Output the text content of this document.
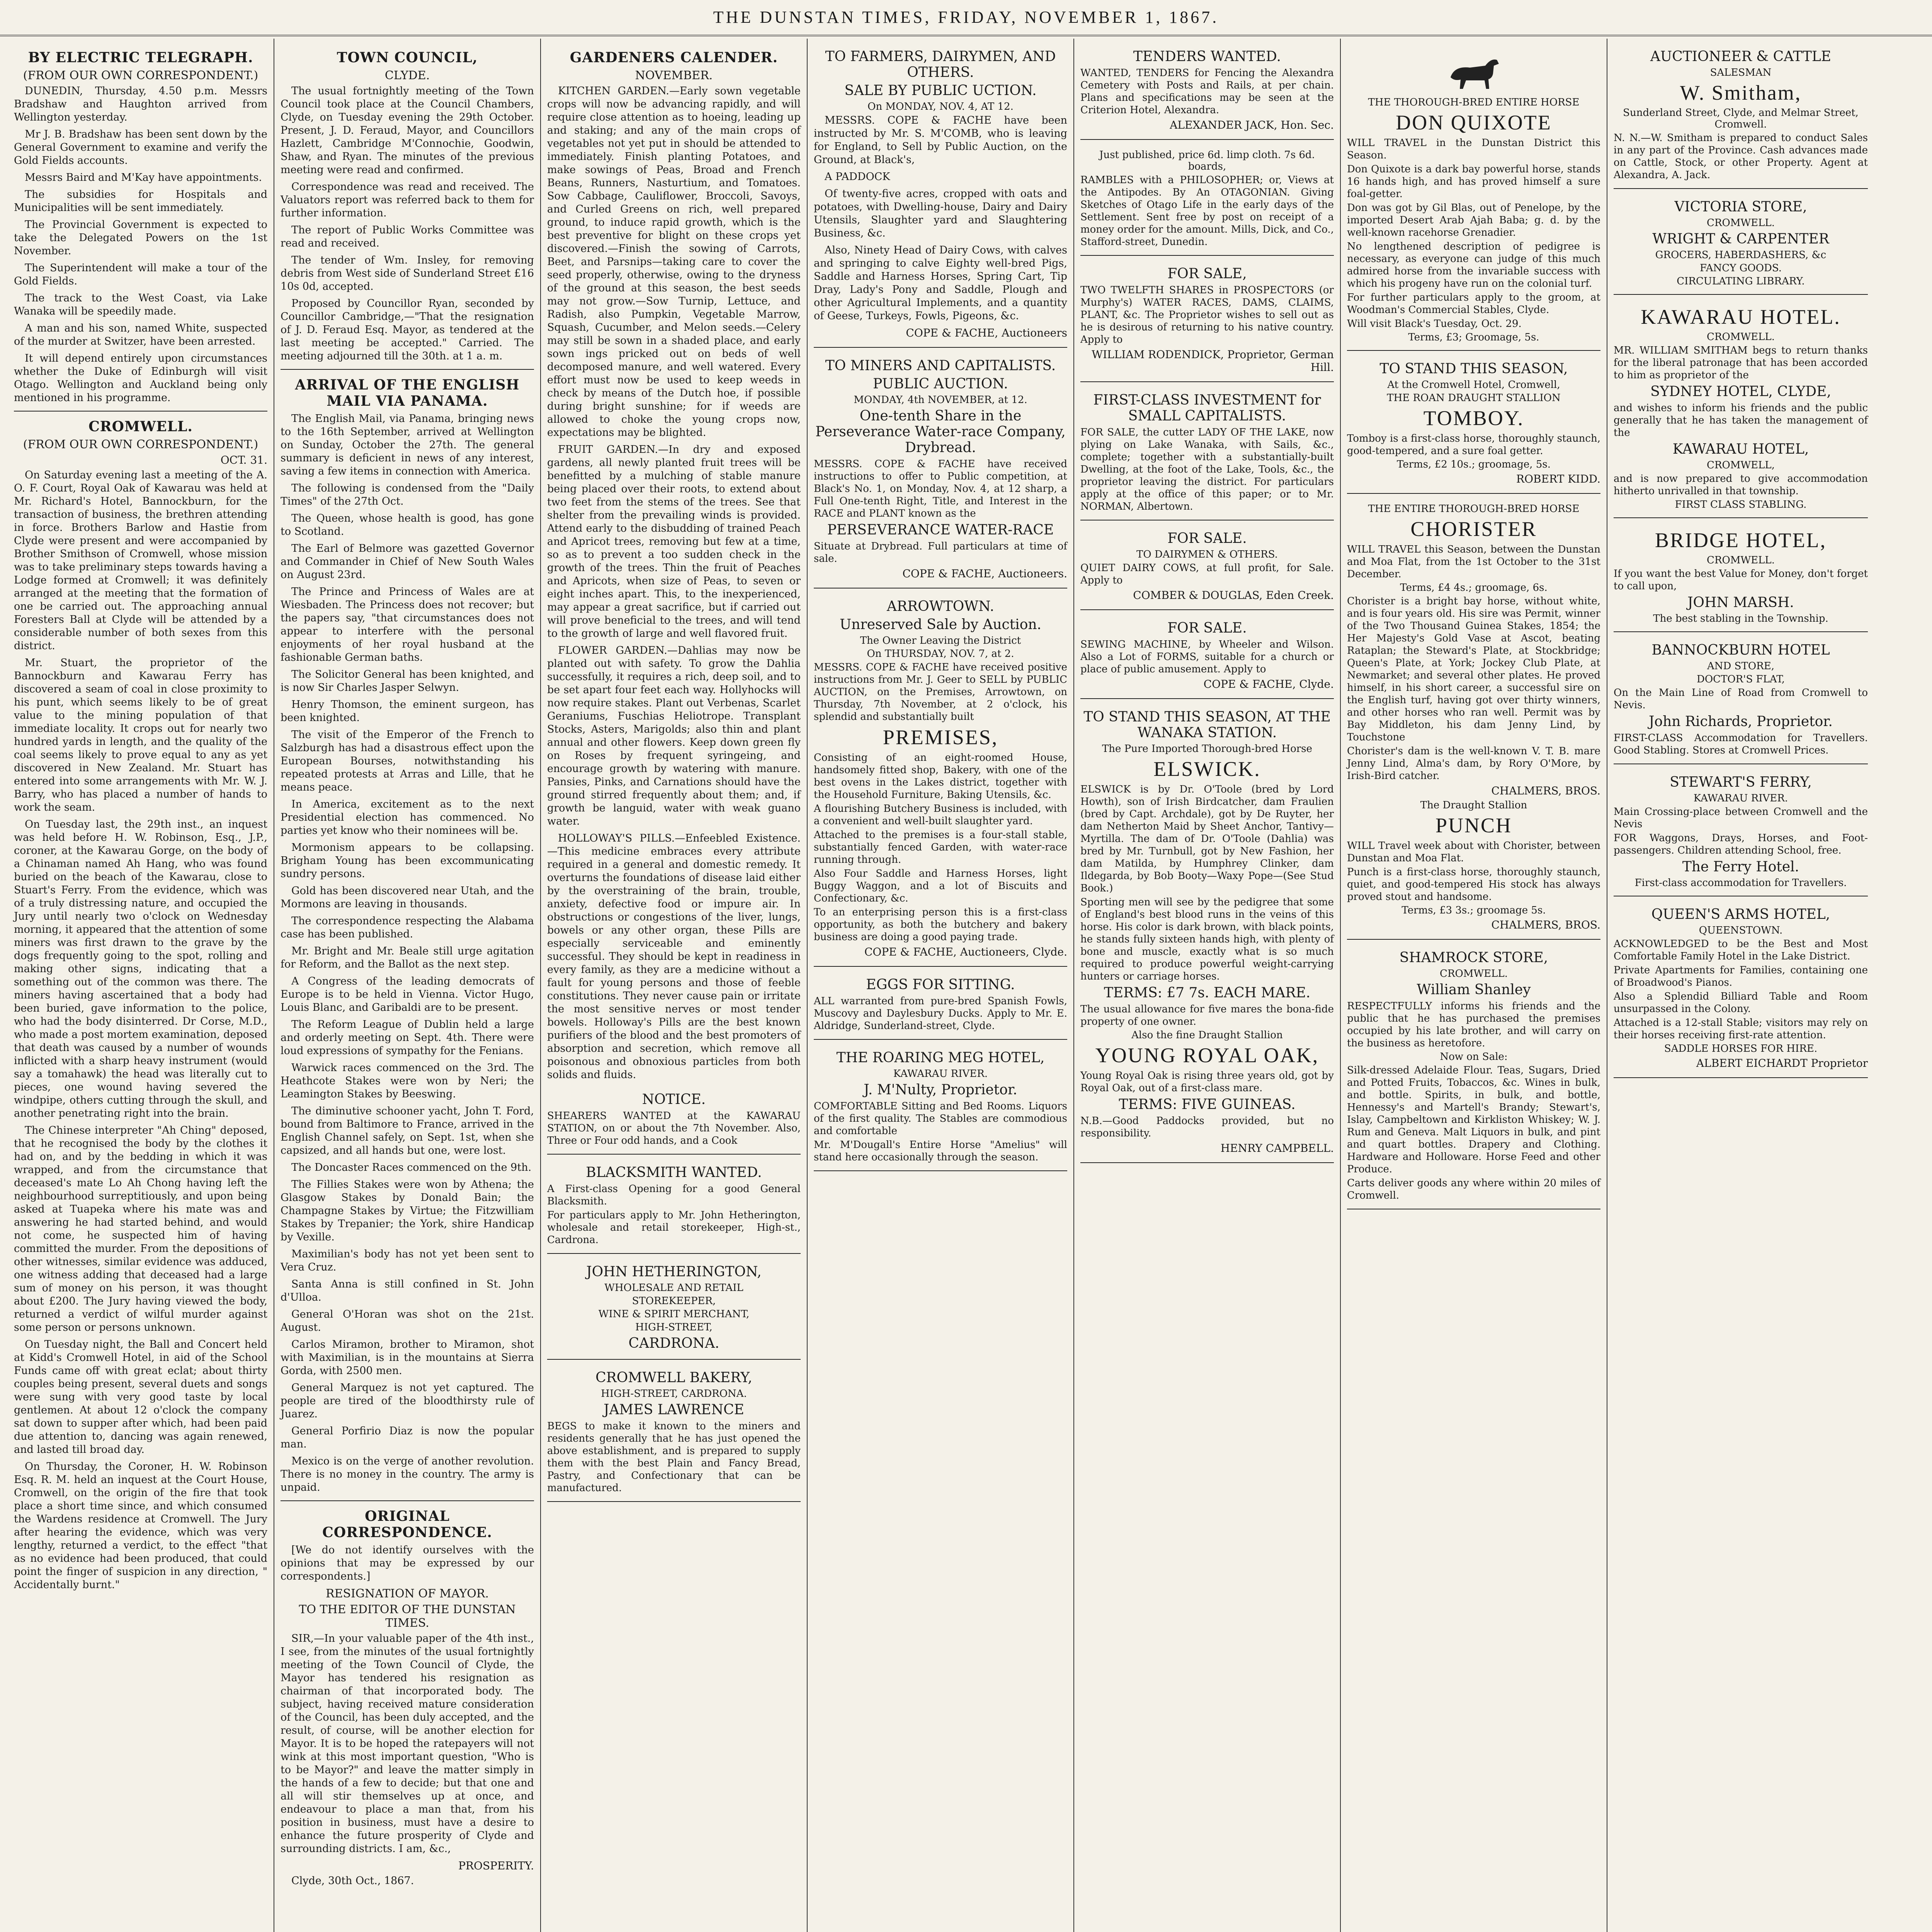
THE DUNSTAN TIMES, FRIDAY, NOVEMBER 1, 1867.
BY ELECTRIC TELEGRAPH.
(FROM OUR OWN CORRESPONDENT.)

DUNEDIN, Thursday, 4.50 p.m. Messrs Bradshaw and Haughton arrived from Wellington yesterday.

Mr J. B. Bradshaw has been sent down by the General Government to examine and verify the Gold Fields accounts.

Messrs Baird and M'Kay have appointments.

The subsidies for Hospitals and Municipalities will be sent immediately.

The Provincial Government is expected to take the Delegated Powers on the 1st November.

The Superintendent will make a tour of the Gold Fields.

The track to the West Coast, via Lake Wanaka will be speedily made.

A man and his son, named White, suspected of the murder at Switzer, have been arrested.

It will depend entirely upon circumstances whether the Duke of Edinburgh will visit Otago. Wellington and Auckland being only mentioned in his programme.

CROMWELL.
(FROM OUR OWN CORRESPONDENT.)
OCT. 31.

On Saturday evening last a meeting of the A. O. F. Court, Royal Oak of Kawarau was held at Mr. Richard's Hotel, Bannockburn, for the transaction of business, the brethren attending in force. Brothers Barlow and Hastie from Clyde were present and were accompanied by Brother Smithson of Cromwell, whose mission was to take preliminary steps towards having a Lodge formed at Cromwell; it was definitely arranged at the meeting that the formation of one be carried out. The approaching annual Foresters Ball at Clyde will be attended by a considerable number of both sexes from this district.

Mr. Stuart, the proprietor of the Bannockburn and Kawarau Ferry has discovered a seam of coal in close proximity to his punt, which seems likely to be of great value to the mining population of that immediate locality. It crops out for nearly two hundred yards in length, and the quality of the coal seems likely to prove equal to any as yet discovered in New Zealand. Mr. Stuart has entered into some arrangements with Mr. W. J. Barry, who has placed a number of hands to work the seam.

On Tuesday last, the 29th inst., an inquest was held before H. W. Robinson, Esq., J.P., coroner, at the Kawarau Gorge, on the body of a Chinaman named Ah Hang, who was found buried on the beach of the Kawarau, close to Stuart's Ferry. From the evidence, which was of a truly distressing nature, and occupied the Jury until nearly two o'clock on Wednesday morning, it appeared that the attention of some miners was first drawn to the grave by the dogs frequently going to the spot, rolling and making other signs, indicating that a something out of the common was there. The miners having ascertained that a body had been buried, gave information to the police, who had the body disinterred. Dr Corse, M.D., who made a post mortem examination, deposed that death was caused by a number of wounds inflicted with a sharp heavy instrument (would say a tomahawk) the head was literally cut to pieces, one wound having severed the windpipe, others cutting through the skull, and another penetrating right into the brain.

The Chinese interpreter "Ah Ching" deposed, that he recognised the body by the clothes it had on, and by the bedding in which it was wrapped, and from the circumstance that deceased's mate Lo Ah Chong having left the neighbourhood surreptitiously, and upon being asked at Tuapeka where his mate was and answering he had started behind, and would not come, he suspected him of having committed the murder. From the depositions of other witnesses, similar evidence was adduced, one witness adding that deceased had a large sum of money on his person, it was thought about £200. The Jury having viewed the body, returned a verdict of wilful murder against some person or persons unknown.

On Tuesday night, the Ball and Concert held at Kidd's Cromwell Hotel, in aid of the School Funds came off with great eclat; about thirty couples being present, several duets and songs were sung with very good taste by local gentlemen. At about 12 o'clock the company sat down to supper after which, had been paid due attention to, dancing was again renewed, and lasted till broad day.

On Thursday, the Coroner, H. W. Robinson Esq. R. M. held an inquest at the Court House, Cromwell, on the origin of the fire that took place a short time since, and which consumed the Wardens residence at Cromwell. The Jury after hearing the evidence, which was very lengthy, returned a verdict, to the effect "that as no evidence had been produced, that could point the finger of suspicion in any direction, " Accidentally burnt."

TOWN COUNCIL,
CLYDE.

The usual fortnightly meeting of the Town Council took place at the Council Chambers, Clyde, on Tuesday evening the 29th October. Present, J. D. Feraud, Mayor, and Councillors Hazlett, Cambridge M'Connochie, Goodwin, Shaw, and Ryan. The minutes of the previous meeting were read and confirmed.

Correspondence was read and received. The Valuators report was referred back to them for further information.

The report of Public Works Committee was read and received.

The tender of Wm. Insley, for removing debris from West side of Sunderland Street £16 10s 0d, accepted.

Proposed by Councillor Ryan, seconded by Councillor Cambridge,—"That the resignation of J. D. Feraud Esq. Mayor, as tendered at the last meeting be accepted." Carried. The meeting adjourned till the 30th. at 1 a. m.

ARRIVAL OF THE ENGLISH MAIL VIA PANAMA.

The English Mail, via Panama, bringing news to the 16th September, arrived at Wellington on Sunday, October the 27th. The general summary is deficient in news of any interest, saving a few items in connection with America.

The following is condensed from the "Daily Times" of the 27th Oct.

The Queen, whose health is good, has gone to Scotland.

The Earl of Belmore was gazetted Governor and Commander in Chief of New South Wales on August 23rd.

The Prince and Princess of Wales are at Wiesbaden. The Princess does not recover; but the papers say, "that circumstances does not appear to interfere with the personal enjoyments of her royal husband at the fashionable German baths.

The Solicitor General has been knighted, and is now Sir Charles Jasper Selwyn.

Henry Thomson, the eminent surgeon, has been knighted.

The visit of the Emperor of the French to Salzburgh has had a disastrous effect upon the European Bourses, notwithstanding his repeated protests at Arras and Lille, that he means peace.

In America, excitement as to the next Presidential election has commenced. No parties yet know who their nominees will be.

Mormonism appears to be collapsing. Brigham Young has been excommunicating sundry persons.

Gold has been discovered near Utah, and the Mormons are leaving in thousands.

The correspondence respecting the Alabama case has been published.

Mr. Bright and Mr. Beale still urge agitation for Reform, and the Ballot as the next step.

A Congress of the leading democrats of Europe is to be held in Vienna. Victor Hugo, Louis Blanc, and Garibaldi are to be present.

The Reform League of Dublin held a large and orderly meeting on Sept. 4th. There were loud expressions of sympathy for the Fenians.

Warwick races commenced on the 3rd. The Heathcote Stakes were won by Neri; the Leamington Stakes by Beeswing.

The diminutive schooner yacht, John T. Ford, bound from Baltimore to France, arrived in the English Channel safely, on Sept. 1st, when she capsized, and all hands but one, were lost.

The Doncaster Races commenced on the 9th.

The Fillies Stakes were won by Athena; the Glasgow Stakes by Donald Bain; the Champagne Stakes by Virtue; the Fitzwilliam Stakes by Trepanier; the York, shire Handicap by Vexille.

Maximilian's body has not yet been sent to Vera Cruz.

Santa Anna is still confined in St. John d'Ulloa.

General O'Horan was shot on the 21st. August.

Carlos Miramon, brother to Miramon, shot with Maximilian, is in the mountains at Sierra Gorda, with 2500 men.

General Marquez is not yet captured. The people are tired of the bloodthirsty rule of Juarez.

General Porfirio Diaz is now the popular man.

Mexico is on the verge of another revolution. There is no money in the country. The army is unpaid.

ORIGINAL CORRESPONDENCE.

[We do not identify ourselves with the opinions that may be expressed by our correspondents.]

RESIGNATION OF MAYOR.
TO THE EDITOR OF THE DUNSTAN TIMES.

SIR,—In your valuable paper of the 4th inst., I see, from the minutes of the usual fortnightly meeting of the Town Council of Clyde, the Mayor has tendered his resignation as chairman of that incorporated body. The subject, having received mature consideration of the Council, has been duly accepted, and the result, of course, will be another election for Mayor. It is to be hoped the ratepayers will not wink at this most important question, "Who is to be Mayor?" and leave the matter simply in the hands of a few to decide; but that one and all will stir themselves up at once, and endeavour to place a man that, from his position in business, must have a desire to enhance the future prosperity of Clyde and surrounding districts. I am, &c.,

PROSPERITY.

Clyde, 30th Oct., 1867.

GARDENERS CALENDER.
NOVEMBER.

KITCHEN GARDEN.—Early sown vegetable crops will now be advancing rapidly, and will require close attention as to hoeing, leading up and staking; and any of the main crops of vegetables not yet put in should be attended to immediately. Finish planting Potatoes, and make sowings of Peas, Broad and French Beans, Runners, Nasturtium, and Tomatoes. Sow Cabbage, Cauliflower, Broccoli, Savoys, and Curled Greens on rich, well prepared ground, to induce rapid growth, which is the best preventive for blight on these crops yet discovered.—Finish the sowing of Carrots, Beet, and Parsnips—taking care to cover the seed properly, otherwise, owing to the dryness of the ground at this season, the best seeds may not grow.—Sow Turnip, Lettuce, and Radish, also Pumpkin, Vegetable Marrow, Squash, Cucumber, and Melon seeds.—Celery may still be sown in a shaded place, and early sown ings pricked out on beds of well decomposed manure, and well watered. Every effort must now be used to keep weeds in check by means of the Dutch hoe, if possible during bright sunshine; for if weeds are allowed to choke the young crops now, expectations may be blighted.

FRUIT GARDEN.—In dry and exposed gardens, all newly planted fruit trees will be benefitted by a mulching of stable manure being placed over their roots, to extend about two feet from the stems of the trees. See that shelter from the prevailing winds is provided. Attend early to the disbudding of trained Peach and Apricot trees, removing but few at a time, so as to prevent a too sudden check in the growth of the trees. Thin the fruit of Peaches and Apricots, when size of Peas, to seven or eight inches apart. This, to the inexperienced, may appear a great sacrifice, but if carried out will prove beneficial to the trees, and will tend to the growth of large and well flavored fruit.

FLOWER GARDEN.—Dahlias may now be planted out with safety. To grow the Dahlia successfully, it requires a rich, deep soil, and to be set apart four feet each way. Hollyhocks will now require stakes. Plant out Verbenas, Scarlet Geraniums, Fuschias Heliotrope. Transplant Stocks, Asters, Marigolds; also thin and plant annual and other flowers. Keep down green fly on Roses by frequent syringeing, and encourage growth by watering with manure. Pansies, Pinks, and Carnations should have the ground stirred frequently about them; and, if growth be languid, water with weak guano water.

HOLLOWAY'S PILLS.—Enfeebled Existence.—This medicine embraces every attribute required in a general and domestic remedy. It overturns the foundations of disease laid either by the overstraining of the brain, trouble, anxiety, defective food or impure air. In obstructions or congestions of the liver, lungs, bowels or any other organ, these Pills are especially serviceable and eminently successful. They should be kept in readiness in every family, as they are a medicine without a fault for young persons and those of feeble constitutions. They never cause pain or irritate the most sensitive nerves or most tender bowels. Holloway's Pills are the best known purifiers of the blood and the best promoters of absorption and secretion, which remove all poisonous and obnoxious particles from both solids and fluids.

NOTICE.
SHEARERS WANTED at the KAWARAU STATION, on or about the 7th November. Also, Three or Four odd hands, and a Cook
BLACKSMITH WANTED.
A First-class Opening for a good General Blacksmith.
For particulars apply to Mr. John Hetherington, wholesale and retail storekeeper, High-st., Cardrona.
JOHN HETHERINGTON,
WHOLESALE AND RETAIL
STOREKEEPER,
WINE & SPIRIT MERCHANT,
HIGH-STREET,
CARDRONA.
CROMWELL BAKERY,
HIGH-STREET, CARDRONA.
JAMES LAWRENCE
BEGS to make it known to the miners and residents generally that he has just opened the above establishment, and is prepared to supply them with the best Plain and Fancy Bread, Pastry, and Confectionary that can be manufactured.
TO FARMERS, DAIRYMEN, AND OTHERS.
SALE BY PUBLIC UCTION.
On MONDAY, NOV. 4, AT 12.

MESSRS. COPE & FACHE have been instructed by Mr. S. M'COMB, who is leaving for England, to Sell by Public Auction, on the Ground, at Black's,

A PADDOCK

Of twenty-five acres, cropped with oats and potatoes, with Dwelling-house, Dairy and Dairy Utensils, Slaughter yard and Slaughtering Business, &c.

Also, Ninety Head of Dairy Cows, with calves and springing to calve Eighty well-bred Pigs, Saddle and Harness Horses, Spring Cart, Tip Dray, Lady's Pony and Saddle, Plough and other Agricultural Implements, and a quantity of Geese, Turkeys, Fowls, Pigeons, &c.

COPE & FACHE, Auctioneers
TO MINERS AND CAPITALISTS.
PUBLIC AUCTION.
MONDAY, 4th NOVEMBER, at 12.
One-tenth Share in the Perseverance Water-race Company, Drybread.
MESSRS. COPE & FACHE have received instructions to offer to Public competition, at Black's No. 1, on Monday, Nov. 4, at 12 sharp, a Full One-tenth Right, Title, and Interest in the RACE and PLANT known as the
PERSEVERANCE WATER-RACE
Situate at Drybread. Full particulars at time of sale.
COPE & FACHE, Auctioneers.
ARROWTOWN.
Unreserved Sale by Auction.
The Owner Leaving the District
On THURSDAY, NOV. 7, at 2.
MESSRS. COPE & FACHE have received positive instructions from Mr. J. Geer to SELL by PUBLIC AUCTION, on the Premises, Arrowtown, on Thursday, 7th November, at 2 o'clock, his splendid and substantially built
PREMISES,
Consisting of an eight-roomed House, handsomely fitted shop, Bakery, with one of the best ovens in the Lakes district, together with the Household Furniture, Baking Utensils, &c.
A flourishing Butchery Business is included, with a convenient and well-built slaughter yard.
Attached to the premises is a four-stall stable, substantially fenced Garden, with water-race running through.
Also Four Saddle and Harness Horses, light Buggy Waggon, and a lot of Biscuits and Confectionary, &c.
To an enterprising person this is a first-class opportunity, as both the butchery and bakery business are doing a good paying trade.
COPE & FACHE, Auctioneers, Clyde.
EGGS FOR SITTING.
ALL warranted from pure-bred Spanish Fowls, Muscovy and Daylesbury Ducks. Apply to Mr. E. Aldridge, Sunderland-street, Clyde.
THE ROARING MEG HOTEL,
KAWARAU RIVER.
J. M'Nulty, Proprietor.
COMFORTABLE Sitting and Bed Rooms. Liquors of the first quality. The Stables are commodious and comfortable
Mr. M'Dougall's Entire Horse "Amelius" will stand here occasionally through the season.
TENDERS WANTED.
WANTED, TENDERS for Fencing the Alexandra Cemetery with Posts and Rails, at per chain. Plans and specifications may be seen at the Criterion Hotel, Alexandra.
ALEXANDER JACK, Hon. Sec.
Just published, price 6d. limp cloth. 7s 6d. boards,
RAMBLES with a PHILOSOPHER; or, Views at the Antipodes. By An OTAGONIAN. Giving Sketches of Otago Life in the early days of the Settlement. Sent free by post on receipt of a money order for the amount. Mills, Dick, and Co., Stafford-street, Dunedin.
FOR SALE,
TWO TWELFTH SHARES in PROSPECTORS (or Murphy's) WATER RACES, DAMS, CLAIMS, PLANT, &c. The Proprietor wishes to sell out as he is desirous of returning to his native country. Apply to
WILLIAM RODENDICK, Proprietor, German Hill.
FIRST-CLASS INVESTMENT for SMALL CAPITALISTS.
FOR SALE, the cutter LADY OF THE LAKE, now plying on Lake Wanaka, with Sails, &c., complete; together with a substantially-built Dwelling, at the foot of the Lake, Tools, &c., the proprietor leaving the district. For particulars apply at the office of this paper; or to Mr. NORMAN, Albertown.
FOR SALE.
TO DAIRYMEN & OTHERS.
QUIET DAIRY COWS, at full profit, for Sale. Apply to
COMBER & DOUGLAS, Eden Creek.
FOR SALE.
SEWING MACHINE, by Wheeler and Wilson. Also a Lot of FORMS, suitable for a church or place of public amusement. Apply to
COPE & FACHE, Clyde.
TO STAND THIS SEASON, AT THE WANAKA STATION.
The Pure Imported Thorough-bred Horse
ELSWICK.
ELSWICK is by Dr. O'Toole (bred by Lord Howth), son of Irish Birdcatcher, dam Fraulien (bred by Capt. Archdale), got by De Ruyter, her dam Netherton Maid by Sheet Anchor, Tantivy—Myrtilla. The dam of Dr. O'Toole (Dahlia) was bred by Mr. Turnbull, got by New Fashion, her dam Matilda, by Humphrey Clinker, dam Ildegarda, by Bob Booty—Waxy Pope—(See Stud Book.)
Sporting men will see by the pedigree that some of England's best blood runs in the veins of this horse. His color is dark brown, with black points, he stands fully sixteen hands high, with plenty of bone and muscle, exactly what is so much required to produce powerful weight-carrying hunters or carriage horses.
TERMS: £7 7s. EACH MARE.
The usual allowance for five mares the bona-fide property of one owner.
Also the fine Draught Stallion
YOUNG ROYAL OAK,
Young Royal Oak is rising three years old, got by Royal Oak, out of a first-class mare.
TERMS: FIVE GUINEAS.
N.B.—Good Paddocks provided, but no responsibility.
HENRY CAMPBELL.
THE THOROUGH-BRED ENTIRE HORSE
DON QUIXOTE
WILL TRAVEL in the Dunstan District this Season.
Don Quixote is a dark bay powerful horse, stands 16 hands high, and has proved himself a sure foal-getter.
Don was got by Gil Blas, out of Penelope, by the imported Desert Arab Ajah Baba; g. d. by the well-known racehorse Grenadier.
No lengthened description of pedigree is necessary, as everyone can judge of this much admired horse from the invariable success with which his progeny have run on the colonial turf.
For further particulars apply to the groom, at Woodman's Commercial Stables, Clyde.
Will visit Black's Tuesday, Oct. 29.
Terms, £3; Groomage, 5s.
TO STAND THIS SEASON,
At the Cromwell Hotel, Cromwell,
THE ROAN DRAUGHT STALLION
TOMBOY.
Tomboy is a first-class horse, thoroughly staunch, good-tempered, and a sure foal getter.
Terms, £2 10s.; groomage, 5s.
ROBERT KIDD.
THE ENTIRE THOROUGH-BRED HORSE
CHORISTER
WILL TRAVEL this Season, between the Dunstan and Moa Flat, from the 1st October to the 31st December.
Terms, £4 4s.; groomage, 6s.
Chorister is a bright bay horse, without white, and is four years old. His sire was Permit, winner of the Two Thousand Guinea Stakes, 1854; the Her Majesty's Gold Vase at Ascot, beating Rataplan; the Steward's Plate, at Stockbridge; Queen's Plate, at York; Jockey Club Plate, at Newmarket; and several other plates. He proved himself, in his short career, a successful sire on the English turf, having got over thirty winners, and other horses who ran well. Permit was by Bay Middleton, his dam Jenny Lind, by Touchstone
Chorister's dam is the well-known V. T. B. mare Jenny Lind, Alma's dam, by Rory O'More, by Irish-Bird catcher.
CHALMERS, BROS.
The Draught Stallion
PUNCH
WILL Travel week about with Chorister, between Dunstan and Moa Flat.
Punch is a first-class horse, thoroughly staunch, quiet, and good-tempered His stock has always proved stout and handsome.
Terms, £3 3s.; groomage 5s.
CHALMERS, BROS.
SHAMROCK STORE,
CROMWELL.
William Shanley
RESPECTFULLY informs his friends and the public that he has purchased the premises occupied by his late brother, and will carry on the business as heretofore.
Now on Sale:
Silk-dressed Adelaide Flour. Teas, Sugars, Dried and Potted Fruits, Tobaccos, &c. Wines in bulk, and bottle. Spirits, in bulk, and bottle, Hennessy's and Martell's Brandy; Stewart's, Islay, Campbeltown and Kirkliston Whiskey; W. J. Rum and Geneva. Malt Liquors in bulk, and pint and quart bottles. Drapery and Clothing. Hardware and Holloware. Horse Feed and other Produce.
Carts deliver goods any where within 20 miles of Cromwell.
AUCTIONEER & CATTLE
SALESMAN
W. Smitham,
Sunderland Street, Clyde, and Melmar Street, Cromwell.
N. N.—W. Smitham is prepared to conduct Sales in any part of the Province. Cash advances made on Cattle, Stock, or other Property. Agent at Alexandra, A. Jack.
VICTORIA STORE,
CROMWELL.
WRIGHT & CARPENTER
GROCERS, HABERDASHERS, &c
FANCY GOODS.
CIRCULATING LIBRARY.
KAWARAU HOTEL.
CROMWELL.
MR. WILLIAM SMITHAM begs to return thanks for the liberal patronage that has been accorded to him as proprietor of the
SYDNEY HOTEL, CLYDE,
and wishes to inform his friends and the public generally that he has taken the management of the
KAWARAU HOTEL,
CROMWELL,
and is now prepared to give accommodation hitherto unrivalled in that township.
FIRST CLASS STABLING.
BRIDGE HOTEL,
CROMWELL.
If you want the best Value for Money, don't forget to call upon,
JOHN MARSH.
The best stabling in the Township.
BANNOCKBURN HOTEL
AND STORE,
DOCTOR'S FLAT,
On the Main Line of Road from Cromwell to Nevis.
John Richards, Proprietor.
FIRST-CLASS Accommodation for Travellers. Good Stabling. Stores at Cromwell Prices.
STEWART'S FERRY,
KAWARAU RIVER.
Main Crossing-place between Cromwell and the Nevis
FOR Waggons, Drays, Horses, and Foot-passengers. Children attending School, free.
The Ferry Hotel.
First-class accommodation for Travellers.
QUEEN'S ARMS HOTEL,
QUEENSTOWN.
ACKNOWLEDGED to be the Best and Most Comfortable Family Hotel in the Lake District.
Private Apartments for Families, containing one of Broadwood's Pianos.
Also a Splendid Billiard Table and Room unsurpassed in the Colony.
Attached is a 12-stall Stable; visitors may rely on their horses receiving first-rate attention.
SADDLE HORSES FOR HIRE.
ALBERT EICHARDT Proprietor
